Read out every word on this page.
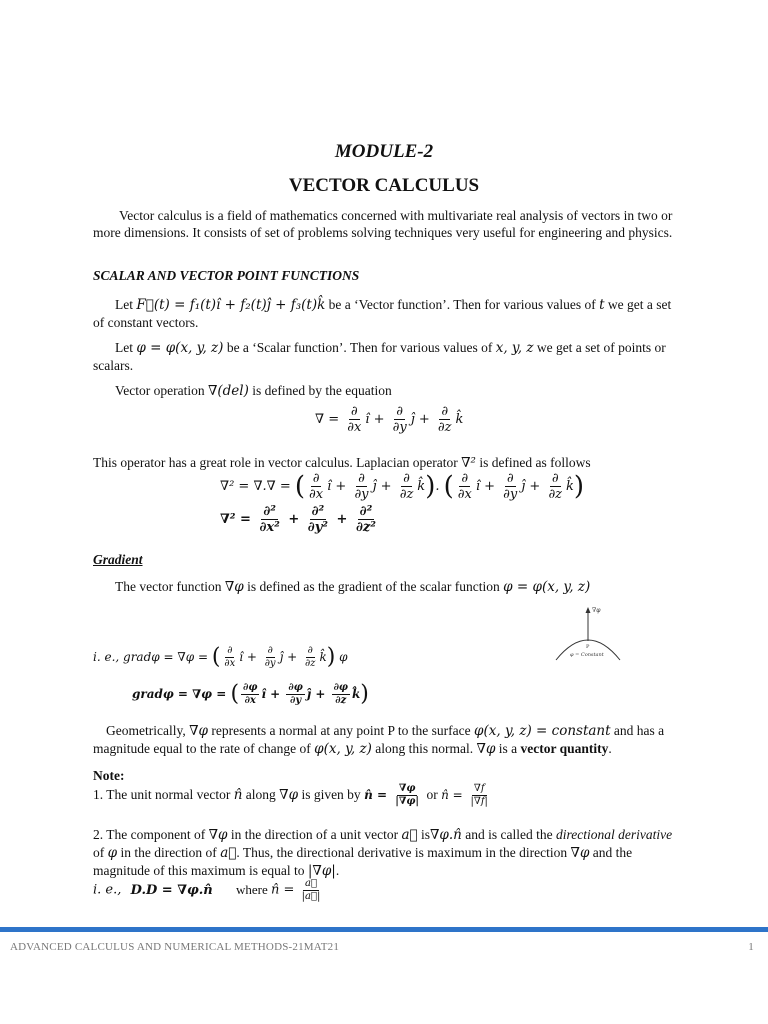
MODULE-2
VECTOR CALCULUS
Vector calculus is a field of mathematics concerned with multivariate real analysis of vectors in two or more dimensions. It consists of set of problems solving techniques very useful for engineering and physics.
SCALAR AND VECTOR POINT FUNCTIONS
Let F⃗(t) = f₁(t)î + f₂(t)ĵ + f₃(t)k̂ be a ‘Vector function’. Then for various values of t we get a set of constant vectors.
Let φ = φ(x, y, z) be a ‘Scalar function’. Then for various values of x, y, z we get a set of points or scalars.
Vector operation ∇(del) is defined by the equation
∇ = $\frac{\partial}{\partial x}$ î + $\frac{\partial}{\partial y}$ ĵ + $\frac{\partial}{\partial z}$ k̂
This operator has a great role in vector calculus. Laplacian operator ∇² is defined as follows
∇² = ∇.∇ = ( $\frac{\partial}{\partial x}$ î + $\frac{\partial}{\partial y}$ ĵ + $\frac{\partial}{\partial z}$ k̂). ( $\frac{\partial}{\partial x}$ î + $\frac{\partial}{\partial y}$ ĵ + $\frac{\partial}{\partial z}$ k̂)
$\nabla^2 = \frac{\text{∂²}}{\text{∂x²}} + \frac{\text{∂²}}{\text{∂y²}} + \frac{\text{∂²}}{\text{∂z²}}$
Gradient
The vector function ∇φ is defined as the gradient of the scalar function φ = φ(x, y, z)
∇φ
P
φ = Constant
i. e., gradφ = ∇φ = ( $\frac{\partial}{\partial x}$ î + $\frac{\partial}{\partial y}$ ĵ + $\frac{\partial}{\partial z}$ k̂) φ
gradφ = ∇φ = ( $\frac{\partial\varphi}{\partial x}$ î + $\frac{\partial\varphi}{\partial y}$ ĵ + $\frac{\partial\varphi}{\partial z}$ k̂)
Geometrically, ∇φ represents a normal at any point P to the surface φ(x, y, z) = constant and has a magnitude equal to the rate of change of φ(x, y, z) along this normal. ∇φ is a vector quantity.
Note:
1. The unit normal vector n̂ along ∇φ is given by n̂ = $\frac{\nabla\varphi}{|\nabla\varphi|}$ or n̂ = $\frac{\nabla f}{|\nabla f|}$
2. The component of ∇φ in the direction of a unit vector a⃗ is∇φ.n̂ and is called the directional derivative of φ in the direction of a⃗. Thus, the directional derivative is maximum in the direction ∇φ and the magnitude of this maximum is equal to |∇φ|.
i. e., D.D = ∇φ.n̂ where n̂ = $\frac{a⃗}{|a⃗|}$
ADVANCED CALCULUS AND NUMERICAL METHODS-21MAT21	1
